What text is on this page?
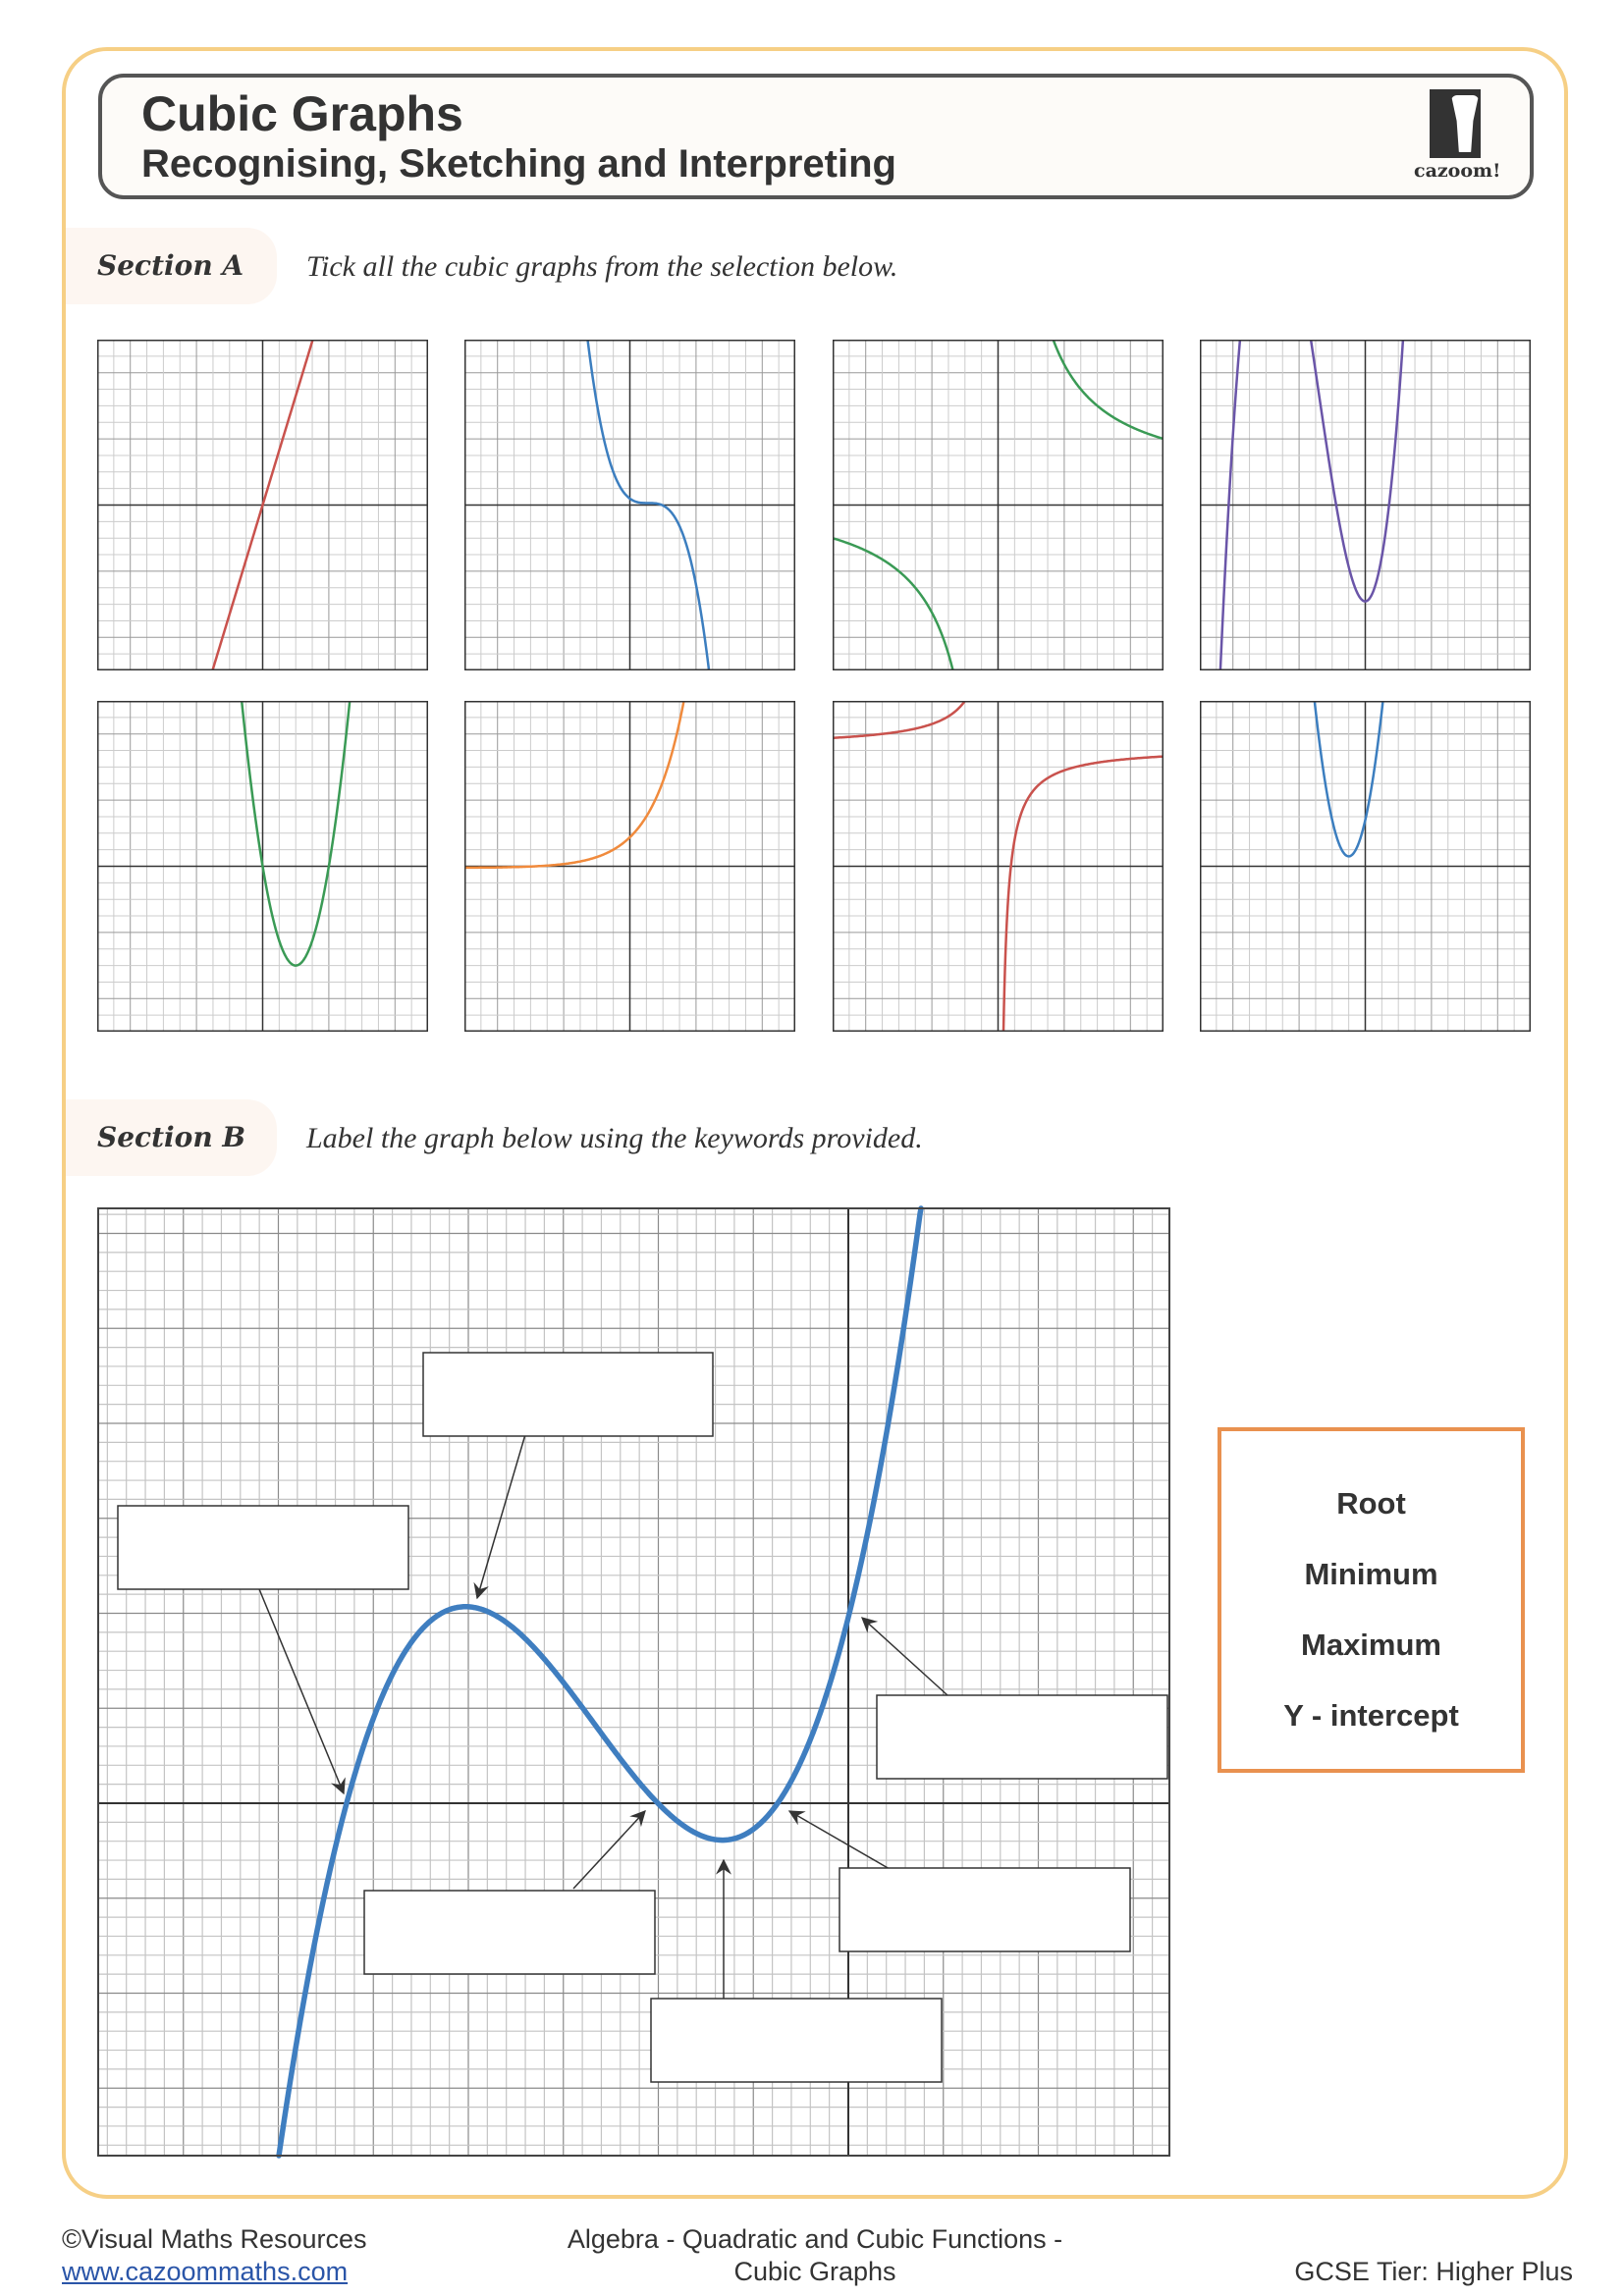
Cubic Graphs
Recognising, Sketching and Interpreting	cazoom!
Section A Tick all the cubic graphs from the selection below.
Section B Label the graph below using the keywords provided.
Root
Minimum
Maximum
Y - intercept
©Visual Maths Resources
www.cazoommaths.com
Algebra - Quadratic and Cubic Functions -
Cubic Graphs	GCSE Tier: Higher Plus
